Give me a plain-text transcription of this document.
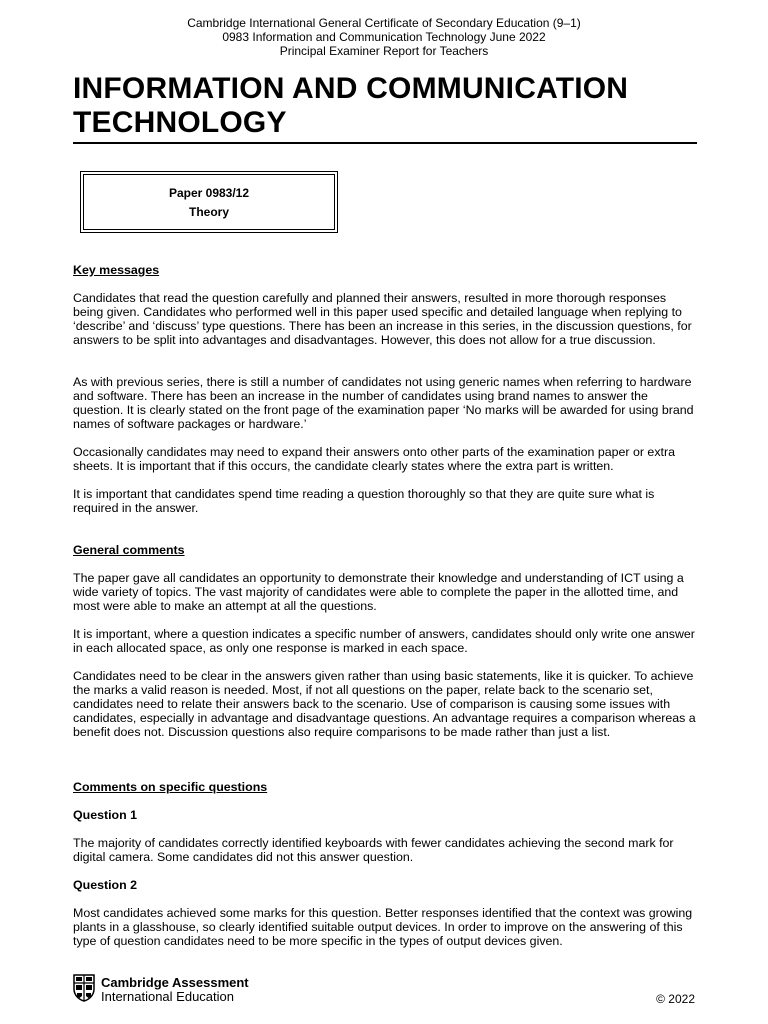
Cambridge International General Certificate of Secondary Education (9–1)
0983 Information and Communication Technology June 2022
Principal Examiner Report for Teachers
INFORMATION AND COMMUNICATION
TECHNOLOGY
Paper 0983/12
Theory
Key messages
Candidates that read the question carefully and planned their answers, resulted in more thorough responses being given. Candidates who performed well in this paper used specific and detailed language when replying to ‘describe’ and ‘discuss’ type questions. There has been an increase in this series, in the discussion questions, for answers to be split into advantages and disadvantages. However, this does not allow for a true discussion.
As with previous series, there is still a number of candidates not using generic names when referring to hardware and software. There has been an increase in the number of candidates using brand names to answer the question. It is clearly stated on the front page of the examination paper ‘No marks will be awarded for using brand names of software packages or hardware.’
Occasionally candidates may need to expand their answers onto other parts of the examination paper or extra sheets. It is important that if this occurs, the candidate clearly states where the extra part is written.
It is important that candidates spend time reading a question thoroughly so that they are quite sure what is required in the answer.
General comments
The paper gave all candidates an opportunity to demonstrate their knowledge and understanding of ICT using a wide variety of topics. The vast majority of candidates were able to complete the paper in the allotted time, and most were able to make an attempt at all the questions.
It is important, where a question indicates a specific number of answers, candidates should only write one answer in each allocated space, as only one response is marked in each space.
Candidates need to be clear in the answers given rather than using basic statements, like it is quicker. To achieve the marks a valid reason is needed. Most, if not all questions on the paper, relate back to the scenario set, candidates need to relate their answers back to the scenario. Use of comparison is causing some issues with candidates, especially in advantage and disadvantage questions. An advantage requires a comparison whereas a benefit does not. Discussion questions also require comparisons to be made rather than just a list.
Comments on specific questions
Question 1
The majority of candidates correctly identified keyboards with fewer candidates achieving the second mark for digital camera. Some candidates did not this answer question.
Question 2
Most candidates achieved some marks for this question. Better responses identified that the context was growing plants in a glasshouse, so clearly identified suitable output devices. In order to improve on the answering of this type of question candidates need to be more specific in the types of output devices given.
Cambridge Assessment
International Education	© 2022
